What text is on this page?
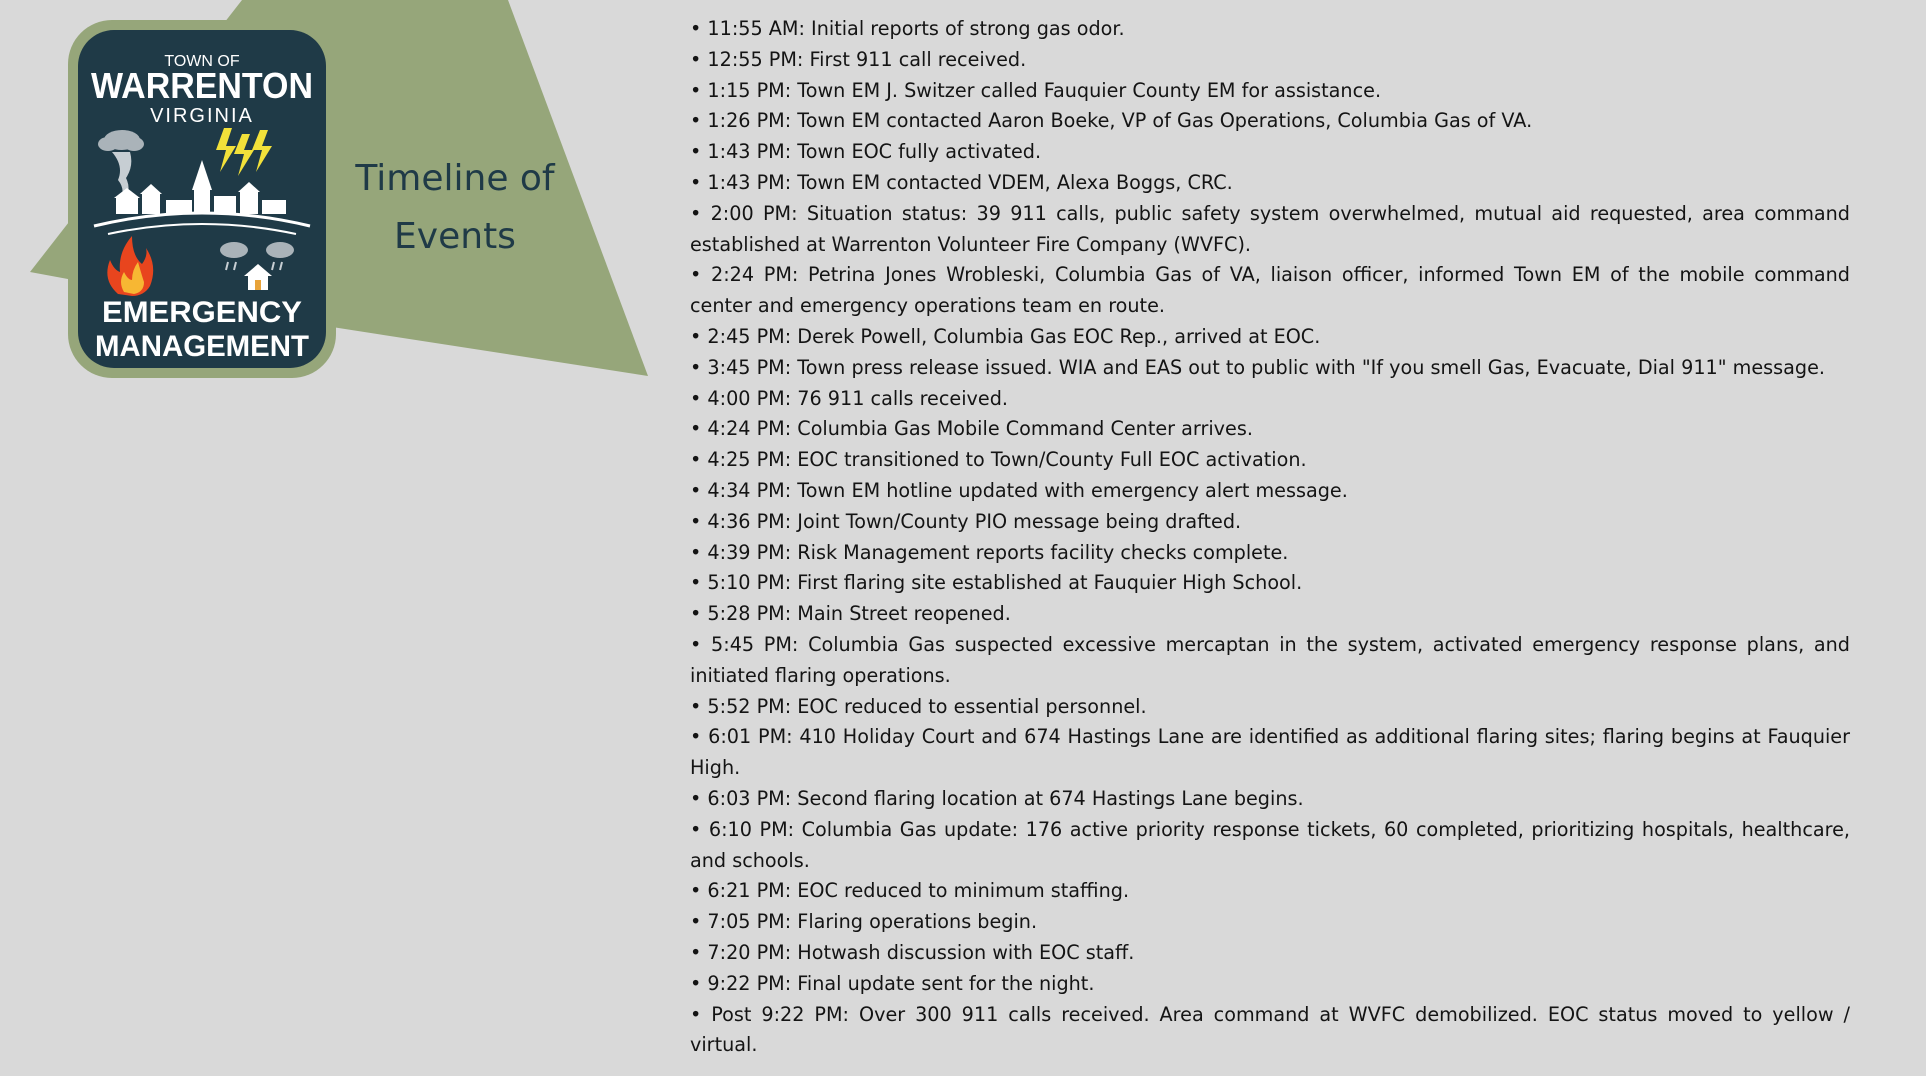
TOWN OF
WARRENTON
VIRGINIA
EMERGENCY
MANAGEMENT
Timeline of
Events
• 11:55 AM: Initial reports of strong gas odor.
• 12:55 PM: First 911 call received.
• 1:15 PM: Town EM J. Switzer called Fauquier County EM for assistance.
• 1:26 PM: Town EM contacted Aaron Boeke, VP of Gas Operations, Columbia Gas of VA.
• 1:43 PM: Town EOC fully activated.
• 1:43 PM: Town EM contacted VDEM, Alexa Boggs, CRC.
• 2:00 PM: Situation status: 39 911 calls, public safety system overwhelmed, mutual aid requested, area command established at Warrenton Volunteer Fire Company (WVFC).
• 2:24 PM: Petrina Jones Wrobleski, Columbia Gas of VA, liaison officer, informed Town EM of the mobile command center and emergency operations team en route.
• 2:45 PM: Derek Powell, Columbia Gas EOC Rep., arrived at EOC.
• 3:45 PM: Town press release issued. WIA and EAS out to public with "If you smell Gas, Evacuate, Dial 911" message.
• 4:00 PM: 76 911 calls received.
• 4:24 PM: Columbia Gas Mobile Command Center arrives.
• 4:25 PM: EOC transitioned to Town/County Full EOC activation.
• 4:34 PM: Town EM hotline updated with emergency alert message.
• 4:36 PM: Joint Town/County PIO message being drafted.
• 4:39 PM: Risk Management reports facility checks complete.
• 5:10 PM: First flaring site established at Fauquier High School.
• 5:28 PM: Main Street reopened.
• 5:45 PM: Columbia Gas suspected excessive mercaptan in the system, activated emergency response plans, and initiated flaring operations.
• 5:52 PM: EOC reduced to essential personnel.
• 6:01 PM: 410 Holiday Court and 674 Hastings Lane are identified as additional flaring sites; flaring begins at Fauquier High.
• 6:03 PM: Second flaring location at 674 Hastings Lane begins.
• 6:10 PM: Columbia Gas update: 176 active priority response tickets, 60 completed, prioritizing hospitals, healthcare, and schools.
• 6:21 PM: EOC reduced to minimum staffing.
• 7:05 PM: Flaring operations begin.
• 7:20 PM: Hotwash discussion with EOC staff.
• 9:22 PM: Final update sent for the night.
• Post 9:22 PM: Over 300 911 calls received. Area command at WVFC demobilized. EOC status moved to yellow / virtual.
